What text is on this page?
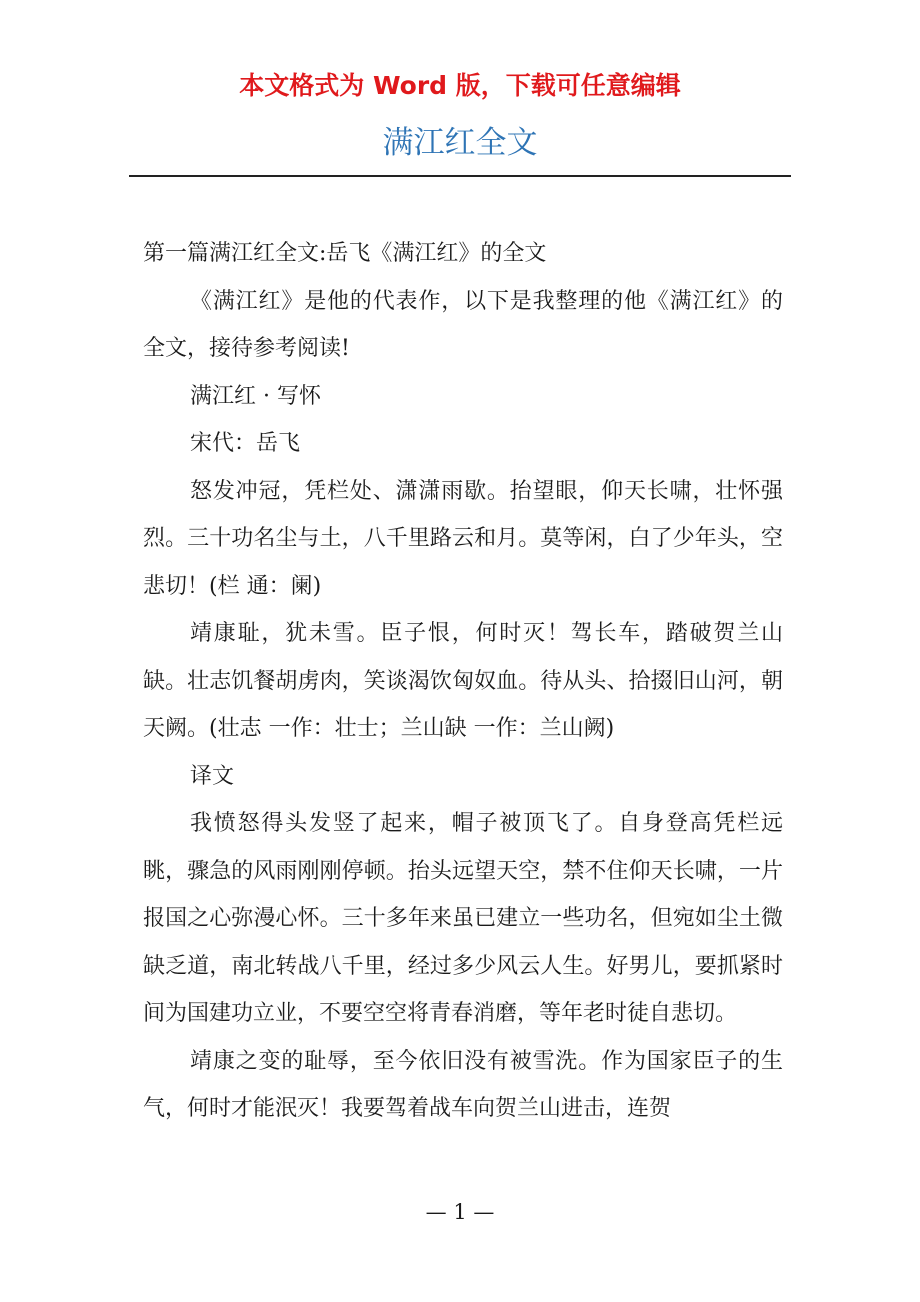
本文格式为 Word 版，下载可任意编辑
满江红全文

第一篇满江红全文:岳飞《满江红》的全文

《满江红》是他的代表作，以下是我整理的他《满江红》的全文，接待参考阅读!

满江红 · 写怀

宋代：岳飞

怒发冲冠，凭栏处、潇潇雨歇。抬望眼，仰天长啸，壮怀强烈。三十功名尘与土，八千里路云和月。莫等闲，白了少年头，空悲切！(栏 通：阑)

靖康耻，犹未雪。臣子恨，何时灭！驾长车，踏破贺兰山缺。壮志饥餐胡虏肉，笑谈渴饮匈奴血。待从头、拾掇旧山河，朝天阙。(壮志 一作：壮士；兰山缺 一作：兰山阙)

译文

我愤怒得头发竖了起来，帽子被顶飞了。自身登高凭栏远眺，骤急的风雨刚刚停顿。抬头远望天空，禁不住仰天长啸，一片报国之心弥漫心怀。三十多年来虽已建立一些功名，但宛如尘土微缺乏道，南北转战八千里，经过多少风云人生。好男儿，要抓紧时间为国建功立业，不要空空将青春消磨，等年老时徒自悲切。

靖康之变的耻辱，至今依旧没有被雪洗。作为国家臣子的生气，何时才能泯灭！我要驾着战车向贺兰山进击，连贺

— 1 —
